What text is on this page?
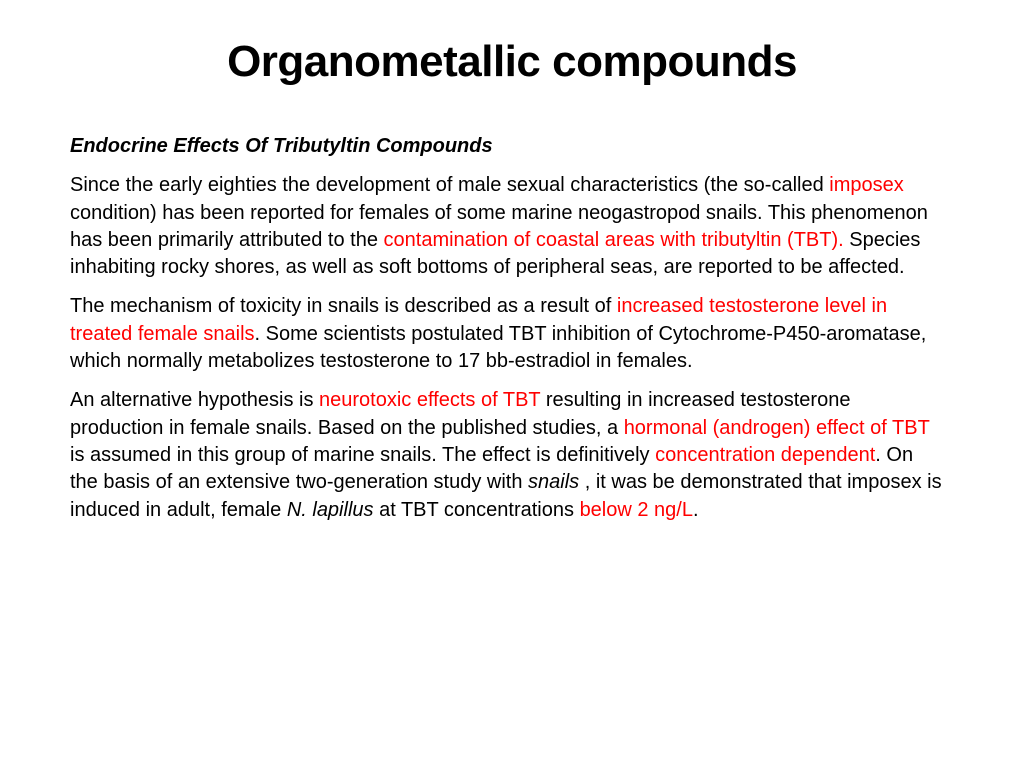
Organometallic compounds
Endocrine Effects Of Tributyltin Compounds
Since the early eighties the development of male sexual characteristics (the so-called imposex condition) has been reported for females of some marine neogastropod snails. This phenomenon has been primarily attributed to the contamination of coastal areas with tributyltin (TBT). Species inhabiting rocky shores, as well as soft bottoms of peripheral seas, are reported to be affected.
The mechanism of toxicity in snails is described as a result of increased testosterone level in treated female snails. Some scientists postulated TBT inhibition of Cytochrome-P450-aromatase, which normally metabolizes testosterone to 17 bb-estradiol in females.
An alternative hypothesis is neurotoxic effects of TBT resulting in increased testosterone production in female snails. Based on the published studies, a hormonal (androgen) effect of TBT is assumed in this group of marine snails. The effect is definitively concentration dependent. On the basis of an extensive two-generation study with snails , it was be demonstrated that imposex is induced in adult, female N. lapillus at TBT concentrations below 2 ng/L.
